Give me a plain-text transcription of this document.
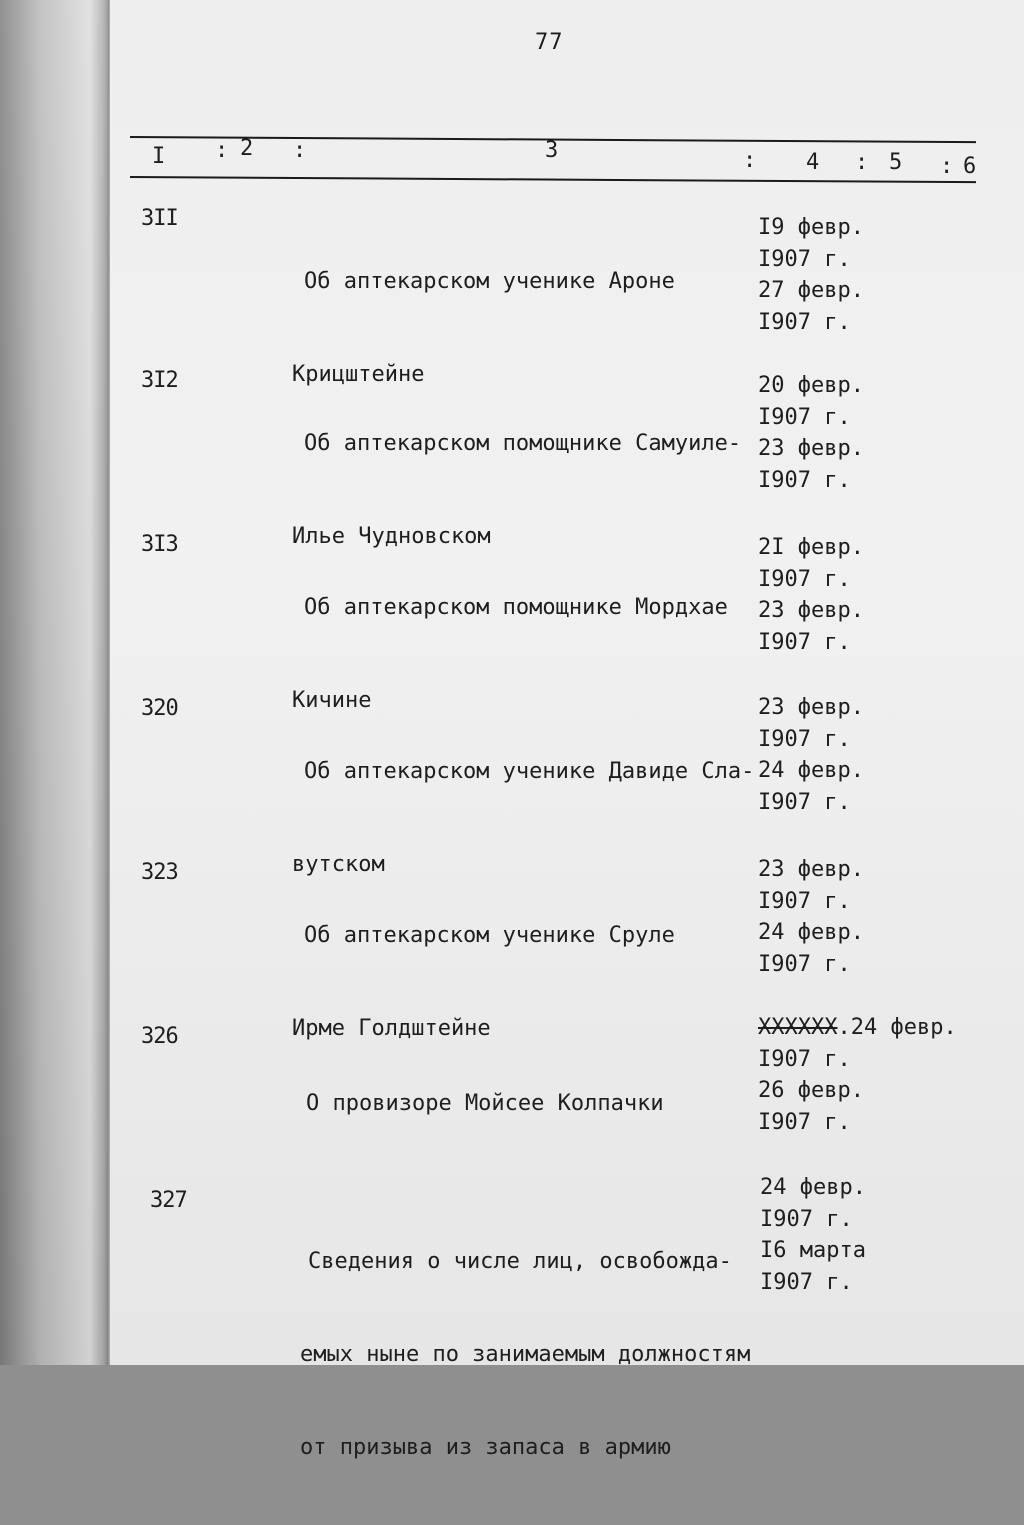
77
I : 2 :	3	: 4 : 5 : 6
3II

Об аптекарском ученике Ароне

Крицштейне

I9 февр.
I907 г.
27 февр.
I907 г.
3I2

Об аптекарском помощнике Самуиле-

Илье Чудновском

20 февр.
I907 г.
23 февр.
I907 г.
3I3

Об аптекарском помощнике Мордхае

Кичине

2I февр.
I907 г.
23 февр.
I907 г.
320

Об аптекарском ученике Давиде Сла-

вутском

23 февр.
I907 г.
24 февр.
I907 г.
323

Об аптекарском ученике Сруле

Ирме Голдштейне

23 февр.
I907 г.
24 февр.
I907 г.
326

О провизоре Мойсее Колпачки

XXXXXX.24 февр.
I907 г.
26 февр.
I907 г.
327

Сведения о числе лиц, освобожда-

емых ныне по занимаемым должностям

от призыва из запаса в армию

24 февр.
I907 г.
I6 марта
I907 г.
